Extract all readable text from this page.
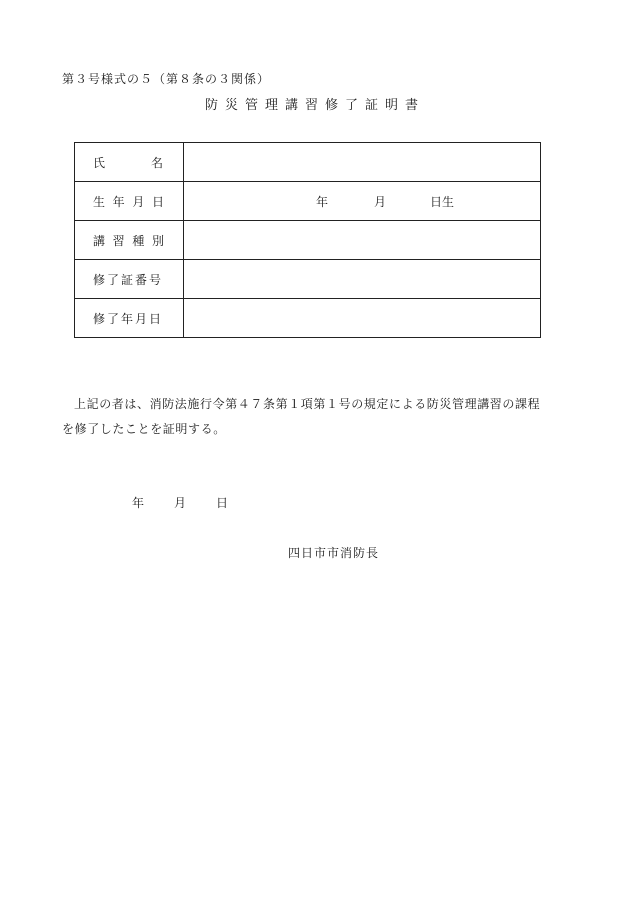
第３号様式の５（第８条の３関係）
防災管理講習修了証明書
氏 名	

生 年 月 日	年 月 日生

講 習 種 別	

修了証番号	

修了年月日	

上記の者は、消防法施行令第４７条第１項第１号の規定による防災管理講習の課程
を修了したことを証明する。
年 月 日
四日市市消防長
